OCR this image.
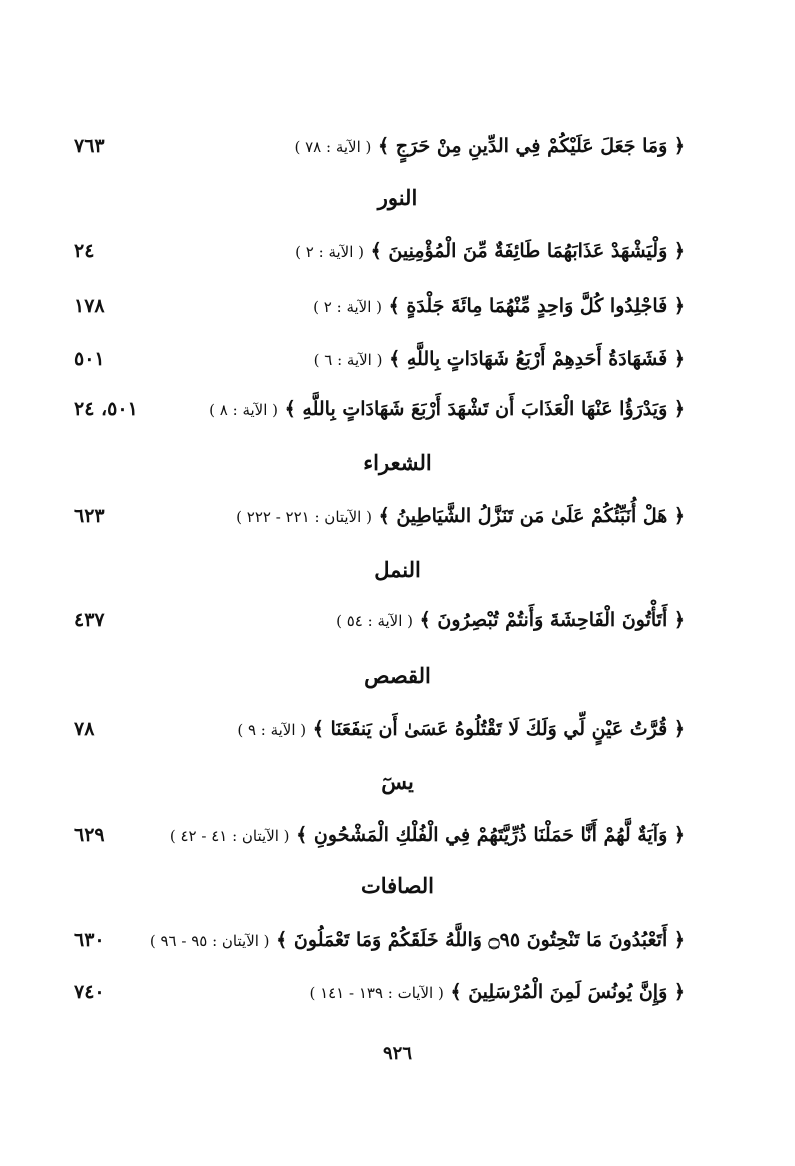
﴿ وَمَا جَعَلَ عَلَيْكُمْ فِي الدِّينِ مِنْ حَرَجٍ ﴾ ( الآية : ٧٨ )
٧٦٣
النور
﴿ وَلْيَشْهَدْ عَذَابَهُمَا طَائِفَةٌ مِّنَ الْمُؤْمِنِينَ ﴾ ( الآية : ٢ )
٢٤
﴿ فَاجْلِدُوا كُلَّ وَاحِدٍ مِّنْهُمَا مِائَةَ جَلْدَةٍ ﴾ ( الآية : ٢ )
١٧٨
﴿ فَشَهَادَةُ أَحَدِهِمْ أَرْبَعُ شَهَادَاتٍ بِاللَّهِ ﴾ ( الآية : ٦ )
٥٠١
﴿ وَيَدْرَؤُا عَنْهَا الْعَذَابَ أَن تَشْهَدَ أَرْبَعَ شَهَادَاتٍ بِاللَّهِ ﴾ ( الآية : ٨ )
٥٠١، ٢٤
الشعراء
﴿ هَلْ أُنَبِّئُكُمْ عَلَىٰ مَن تَنَزَّلُ الشَّيَاطِينُ ﴾ ( الآيتان : ٢٢١ - ٢٢٢ )
٦٢٣
النمل
﴿ أَتَأْتُونَ الْفَاحِشَةَ وَأَنتُمْ تُبْصِرُونَ ﴾ ( الآية : ٥٤ )
٤٣٧
القصص
﴿ قُرَّتُ عَيْنٍ لِّي وَلَكَ لَا تَقْتُلُوهُ عَسَىٰ أَن يَنفَعَنَا ﴾ ( الآية : ٩ )
٧٨
يسٓ
﴿ وَآيَةٌ لَّهُمْ أَنَّا حَمَلْنَا ذُرِّيَّتَهُمْ فِي الْفُلْكِ الْمَشْحُونِ ﴾ ( الآيتان : ٤١ - ٤٢ )
٦٢٩
الصافات
﴿ أَتَعْبُدُونَ مَا تَنْحِتُونَ ۝٩٥ وَاللَّهُ خَلَقَكُمْ وَمَا تَعْمَلُونَ ﴾ ( الآيتان : ٩٥ - ٩٦ )
٦٣٠
﴿ وَإِنَّ يُونُسَ لَمِنَ الْمُرْسَلِينَ ﴾ ( الآيات : ١٣٩ - ١٤١ )
٧٤٠
٩٢٦
